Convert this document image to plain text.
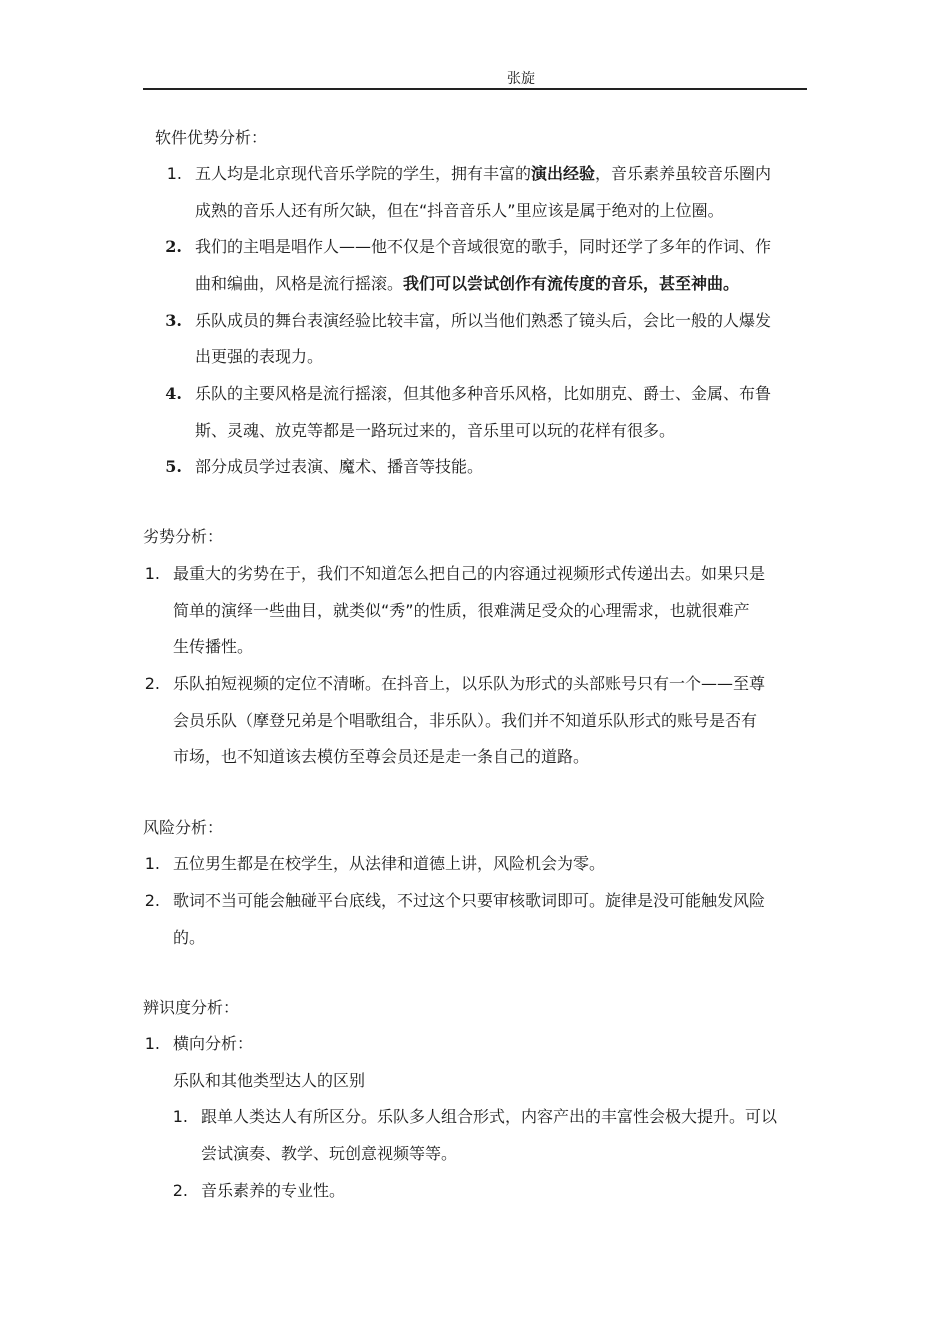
张旋
软件优势分析：
1. 五人均是北京现代音乐学院的学生，拥有丰富的演出经验，音乐素养虽较音乐圈内
成熟的音乐人还有所欠缺，但在“抖音音乐人”里应该是属于绝对的上位圈。
2. 我们的主唱是唱作人——他不仅是个音域很宽的歌手，同时还学了多年的作词、作
曲和编曲，风格是流行摇滚。我们可以尝试创作有流传度的音乐，甚至神曲。
3. 乐队成员的舞台表演经验比较丰富，所以当他们熟悉了镜头后，会比一般的人爆发
出更强的表现力。
4. 乐队的主要风格是流行摇滚，但其他多种音乐风格，比如朋克、爵士、金属、布鲁
斯、灵魂、放克等都是一路玩过来的，音乐里可以玩的花样有很多。
5. 部分成员学过表演、魔术、播音等技能。
劣势分析：
1. 最重大的劣势在于，我们不知道怎么把自己的内容通过视频形式传递出去。如果只是
简单的演绎一些曲目，就类似“秀”的性质，很难满足受众的心理需求，也就很难产
生传播性。
2. 乐队拍短视频的定位不清晰。在抖音上，以乐队为形式的头部账号只有一个——至尊
会员乐队（摩登兄弟是个唱歌组合，非乐队）。我们并不知道乐队形式的账号是否有
市场，也不知道该去模仿至尊会员还是走一条自己的道路。
风险分析：
1. 五位男生都是在校学生，从法律和道德上讲，风险机会为零。
2. 歌词不当可能会触碰平台底线，不过这个只要审核歌词即可。旋律是没可能触发风险
的。
辨识度分析：
1. 横向分析：
乐队和其他类型达人的区别
1. 跟单人类达人有所区分。乐队多人组合形式，内容产出的丰富性会极大提升。可以
尝试演奏、教学、玩创意视频等等。
2. 音乐素养的专业性。
